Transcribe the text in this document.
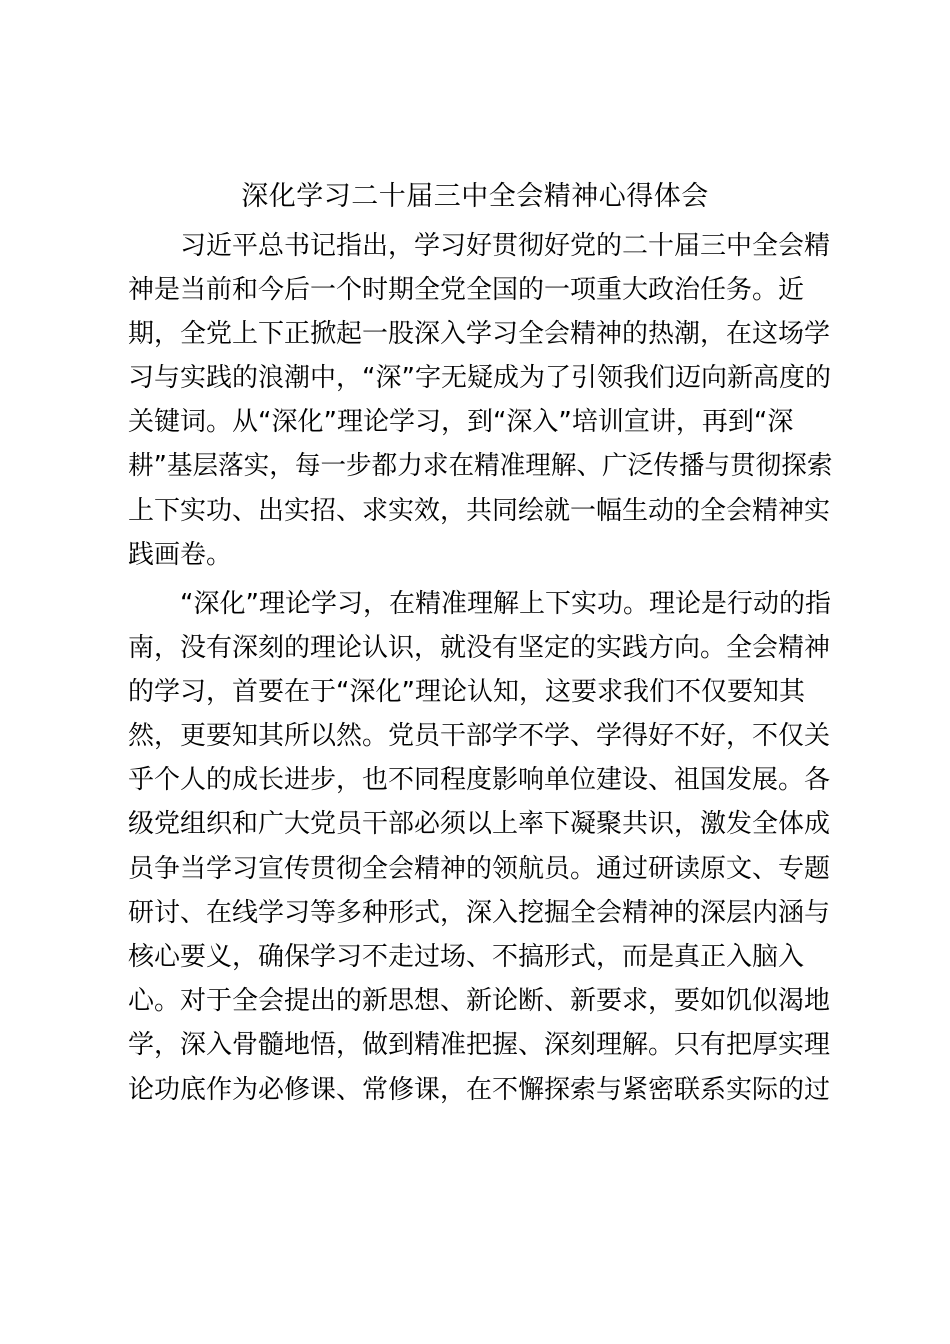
深化学习二十届三中全会精神心得体会

习近平总书记指出，学习好贯彻好党的二十届三中全会精

神是当前和今后一个时期全党全国的一项重大政治任务。近

期，全党上下正掀起一股深入学习全会精神的热潮，在这场学

习与实践的浪潮中，“深”字无疑成为了引领我们迈向新高度的

关键词。从“深化”理论学习，到“深入”培训宣讲，再到“深

耕”基层落实，每一步都力求在精准理解、广泛传播与贯彻探索

上下实功、出实招、求实效，共同绘就一幅生动的全会精神实

践画卷。

“深化”理论学习，在精准理解上下实功。理论是行动的指

南，没有深刻的理论认识，就没有坚定的实践方向。全会精神

的学习，首要在于“深化”理论认知，这要求我们不仅要知其

然，更要知其所以然。党员干部学不学、学得好不好，不仅关

乎个人的成长进步，也不同程度影响单位建设、祖国发展。各

级党组织和广大党员干部必须以上率下凝聚共识，激发全体成

员争当学习宣传贯彻全会精神的领航员。通过研读原文、专题

研讨、在线学习等多种形式，深入挖掘全会精神的深层内涵与

核心要义，确保学习不走过场、不搞形式，而是真正入脑入

心。对于全会提出的新思想、新论断、新要求，要如饥似渴地

学，深入骨髓地悟，做到精准把握、深刻理解。只有把厚实理

论功底作为必修课、常修课，在不懈探索与紧密联系实际的过
